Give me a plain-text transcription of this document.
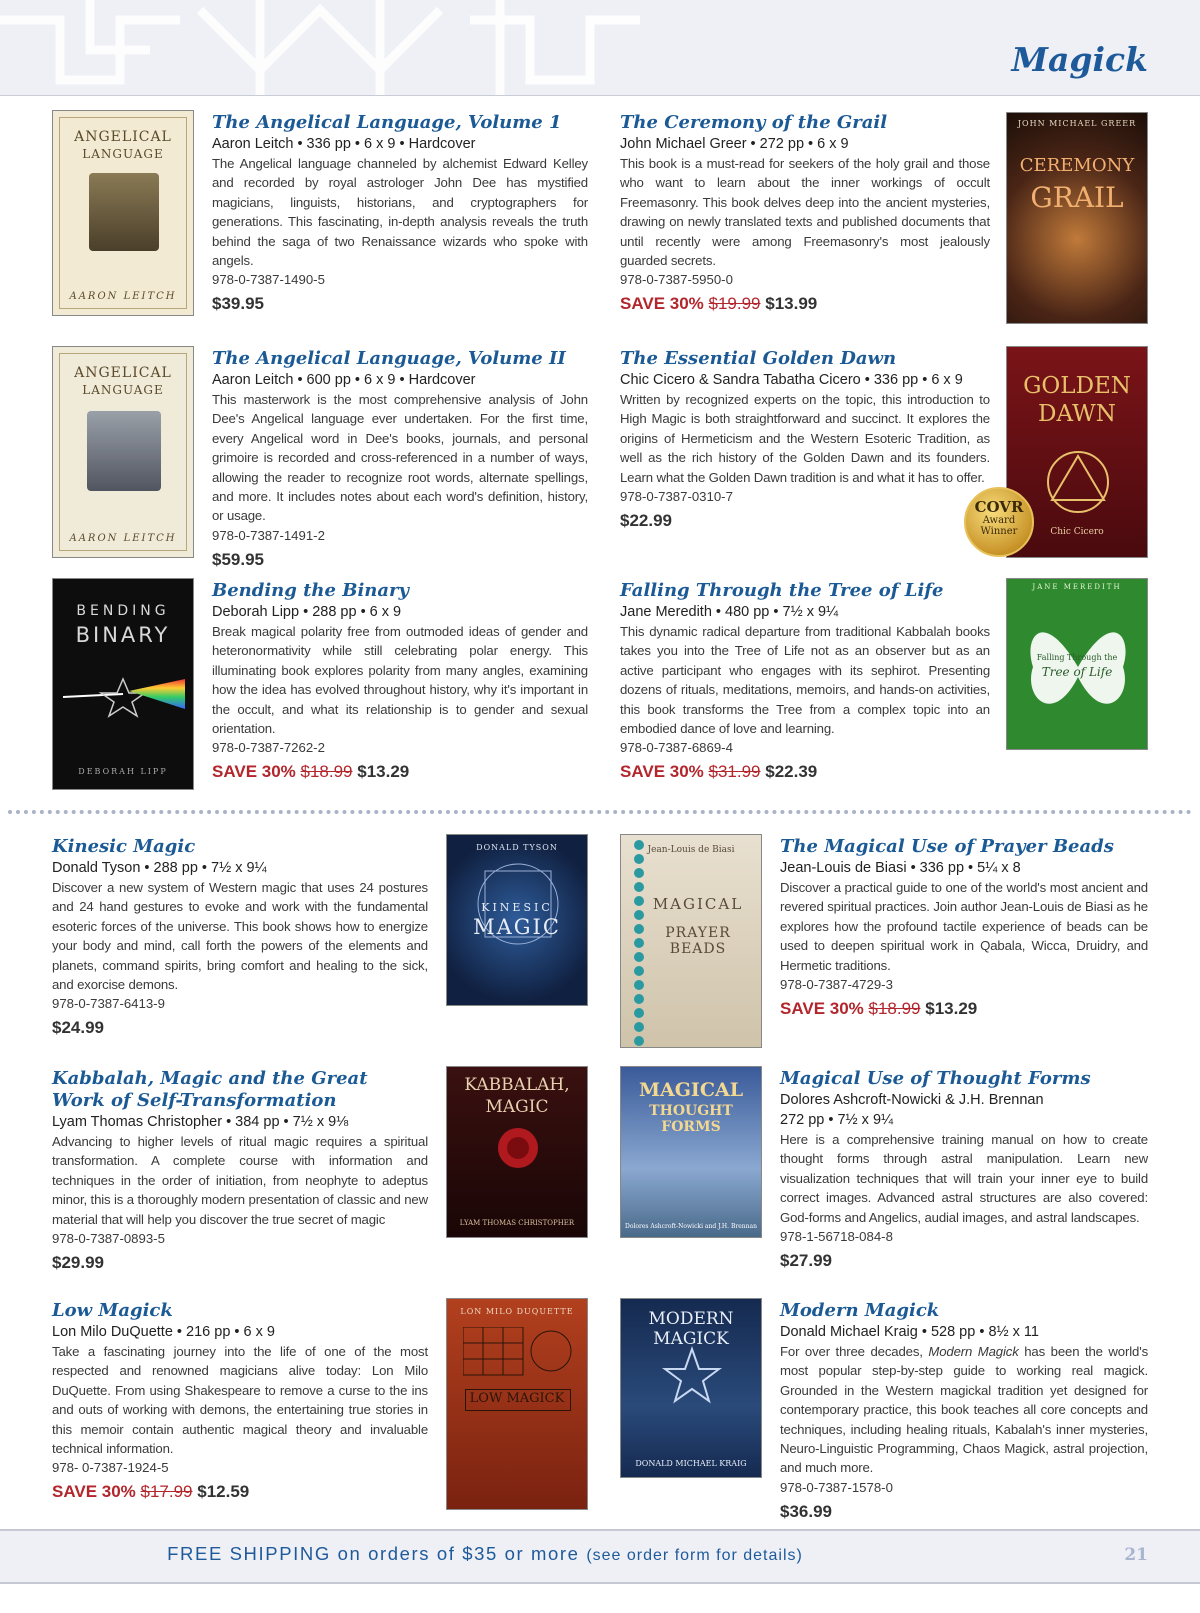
Magick
ANGELICAL
LANGUAGE
AARON LEITCH
The Angelical Language, Volume 1
Aaron Leitch • 336 pp • 6 x 9 • Hardcover
The Angelical language channeled by alchemist Edward Kelley and recorded by royal astrologer John Dee has mystified magicians, linguists, historians, and cryptographers for generations. This fascinating, in-depth analysis reveals the truth behind the saga of two Renaissance wizards who spoke with angels.
978-0-7387-1490-5
$39.95
The Ceremony of the Grail
John Michael Greer • 272 pp • 6 x 9
This book is a must-read for seekers of the holy grail and those who want to learn about the inner workings of occult Freemasonry. This book delves deep into the ancient mysteries, drawing on newly translated texts and published documents that until recently were among Freemasonry's most jealously guarded secrets.
978-0-7387-5950-0
SAVE 30% $19.99 $13.99
JOHN MICHAEL GREER
CEREMONY
GRAIL
ANGELICAL
LANGUAGE
AARON LEITCH
The Angelical Language, Volume II
Aaron Leitch • 600 pp • 6 x 9 • Hardcover
This masterwork is the most comprehensive analysis of John Dee's Angelical language ever undertaken. For the first time, every Angelical word in Dee's books, journals, and personal grimoire is recorded and cross-referenced in a number of ways, allowing the reader to recognize root words, alternate spellings, and more. It includes notes about each word's definition, history, or usage.
978-0-7387-1491-2
$59.95
The Essential Golden Dawn
Chic Cicero & Sandra Tabatha Cicero • 336 pp • 6 x 9
Written by recognized experts on the topic, this introduction to High Magic is both straightforward and succinct. It explores the origins of Hermeticism and the Western Esoteric Tradition, as well as the rich history of the Golden Dawn and its founders. Learn what the Golden Dawn tradition is and what it has to offer.
978-0-7387-0310-7
$22.99
GOLDEN
DAWN
Chic Cicero
COVR
Award
Winner
BENDING
BINARY
DEBORAH LIPP
Bending the Binary
Deborah Lipp • 288 pp • 6 x 9
Break magical polarity free from outmoded ideas of gender and heteronormativity while still celebrating polar energy. This illuminating book explores polarity from many angles, examining how the idea has evolved throughout history, why it's important in the occult, and what its relationship is to gender and sexual orientation.
978-0-7387-7262-2
SAVE 30% $18.99 $13.29
Falling Through the Tree of Life
Jane Meredith • 480 pp • 7½ x 9¼
This dynamic radical departure from traditional Kabbalah books takes you into the Tree of Life not as an observer but as an active participant who engages with its sephirot. Presenting dozens of rituals, meditations, memoirs, and hands-on activities, this book transforms the Tree from a complex topic into an embodied dance of love and learning.
978-0-7387-6869-4
SAVE 30% $31.99 $22.39
JANE MEREDITH
Falling Through the
Tree of Life
Kinesic Magic
Donald Tyson • 288 pp • 7½ x 9¼
Discover a new system of Western magic that uses 24 postures and 24 hand gestures to evoke and work with the fundamental esoteric forces of the universe. This book shows how to energize your body and mind, call forth the powers of the elements and planets, command spirits, bring comfort and healing to the sick, and exorcise demons.
978-0-7387-6413-9
$24.99
DONALD TYSON
KINESIC
MAGIC
Jean-Louis de Biasi
MAGICAL
PRAYER BEADS
The Magical Use of Prayer Beads
Jean-Louis de Biasi • 336 pp • 5¼ x 8
Discover a practical guide to one of the world's most ancient and revered spiritual practices. Join author Jean-Louis de Biasi as he explores how the profound tactile experience of beads can be used to deepen spiritual work in Qabala, Wicca, Druidry, and Hermetic traditions.
978-0-7387-4729-3
SAVE 30% $18.99 $13.29
Kabbalah, Magic and the Great
Work of Self-Transformation
Lyam Thomas Christopher • 384 pp • 7½ x 9⅛
Advancing to higher levels of ritual magic requires a spiritual transformation. A complete course with information and techniques in the order of initiation, from neophyte to adeptus minor, this is a thoroughly modern presentation of classic and new material that will help you discover the true secret of magic
978-0-7387-0893-5
$29.99
KABBALAH,
MAGIC
LYAM THOMAS CHRISTOPHER
MAGICAL
THOUGHT FORMS
Dolores Ashcroft-Nowicki and J.H. Brennan
Magical Use of Thought Forms
Dolores Ashcroft-Nowicki & J.H. Brennan
272 pp • 7½ x 9¼
Here is a comprehensive training manual on how to create thought forms through astral manipulation. Learn new visualization techniques that will train your inner eye to build correct images. Advanced astral structures are also covered: God-forms and Angelics, audial images, and astral landscapes.
978-1-56718-084-8
$27.99
Low Magick
Lon Milo DuQuette • 216 pp • 6 x 9
Take a fascinating journey into the life of one of the most respected and renowned magicians alive today: Lon Milo DuQuette. From using Shakespeare to remove a curse to the ins and outs of working with demons, the entertaining true stories in this memoir contain authentic magical theory and invaluable technical information.
978- 0-7387-1924-5
SAVE 30% $17.99 $12.59
LON MILO DUQUETTE
LOW MAGICK
MODERN MAGICK
DONALD MICHAEL KRAIG
Modern Magick
Donald Michael Kraig • 528 pp • 8½ x 11
For over three decades, Modern Magick has been the world's most popular step-by-step guide to working real magick. Grounded in the Western magickal tradition yet designed for contemporary practice, this book teaches all core concepts and techniques, including healing rituals, Kabalah's inner mysteries, Neuro-Linguistic Programming, Chaos Magick, astral projection, and much more.
978-0-7387-1578-0
$36.99
FREE SHIPPING on orders of $35 or more (see order form for details)	21
